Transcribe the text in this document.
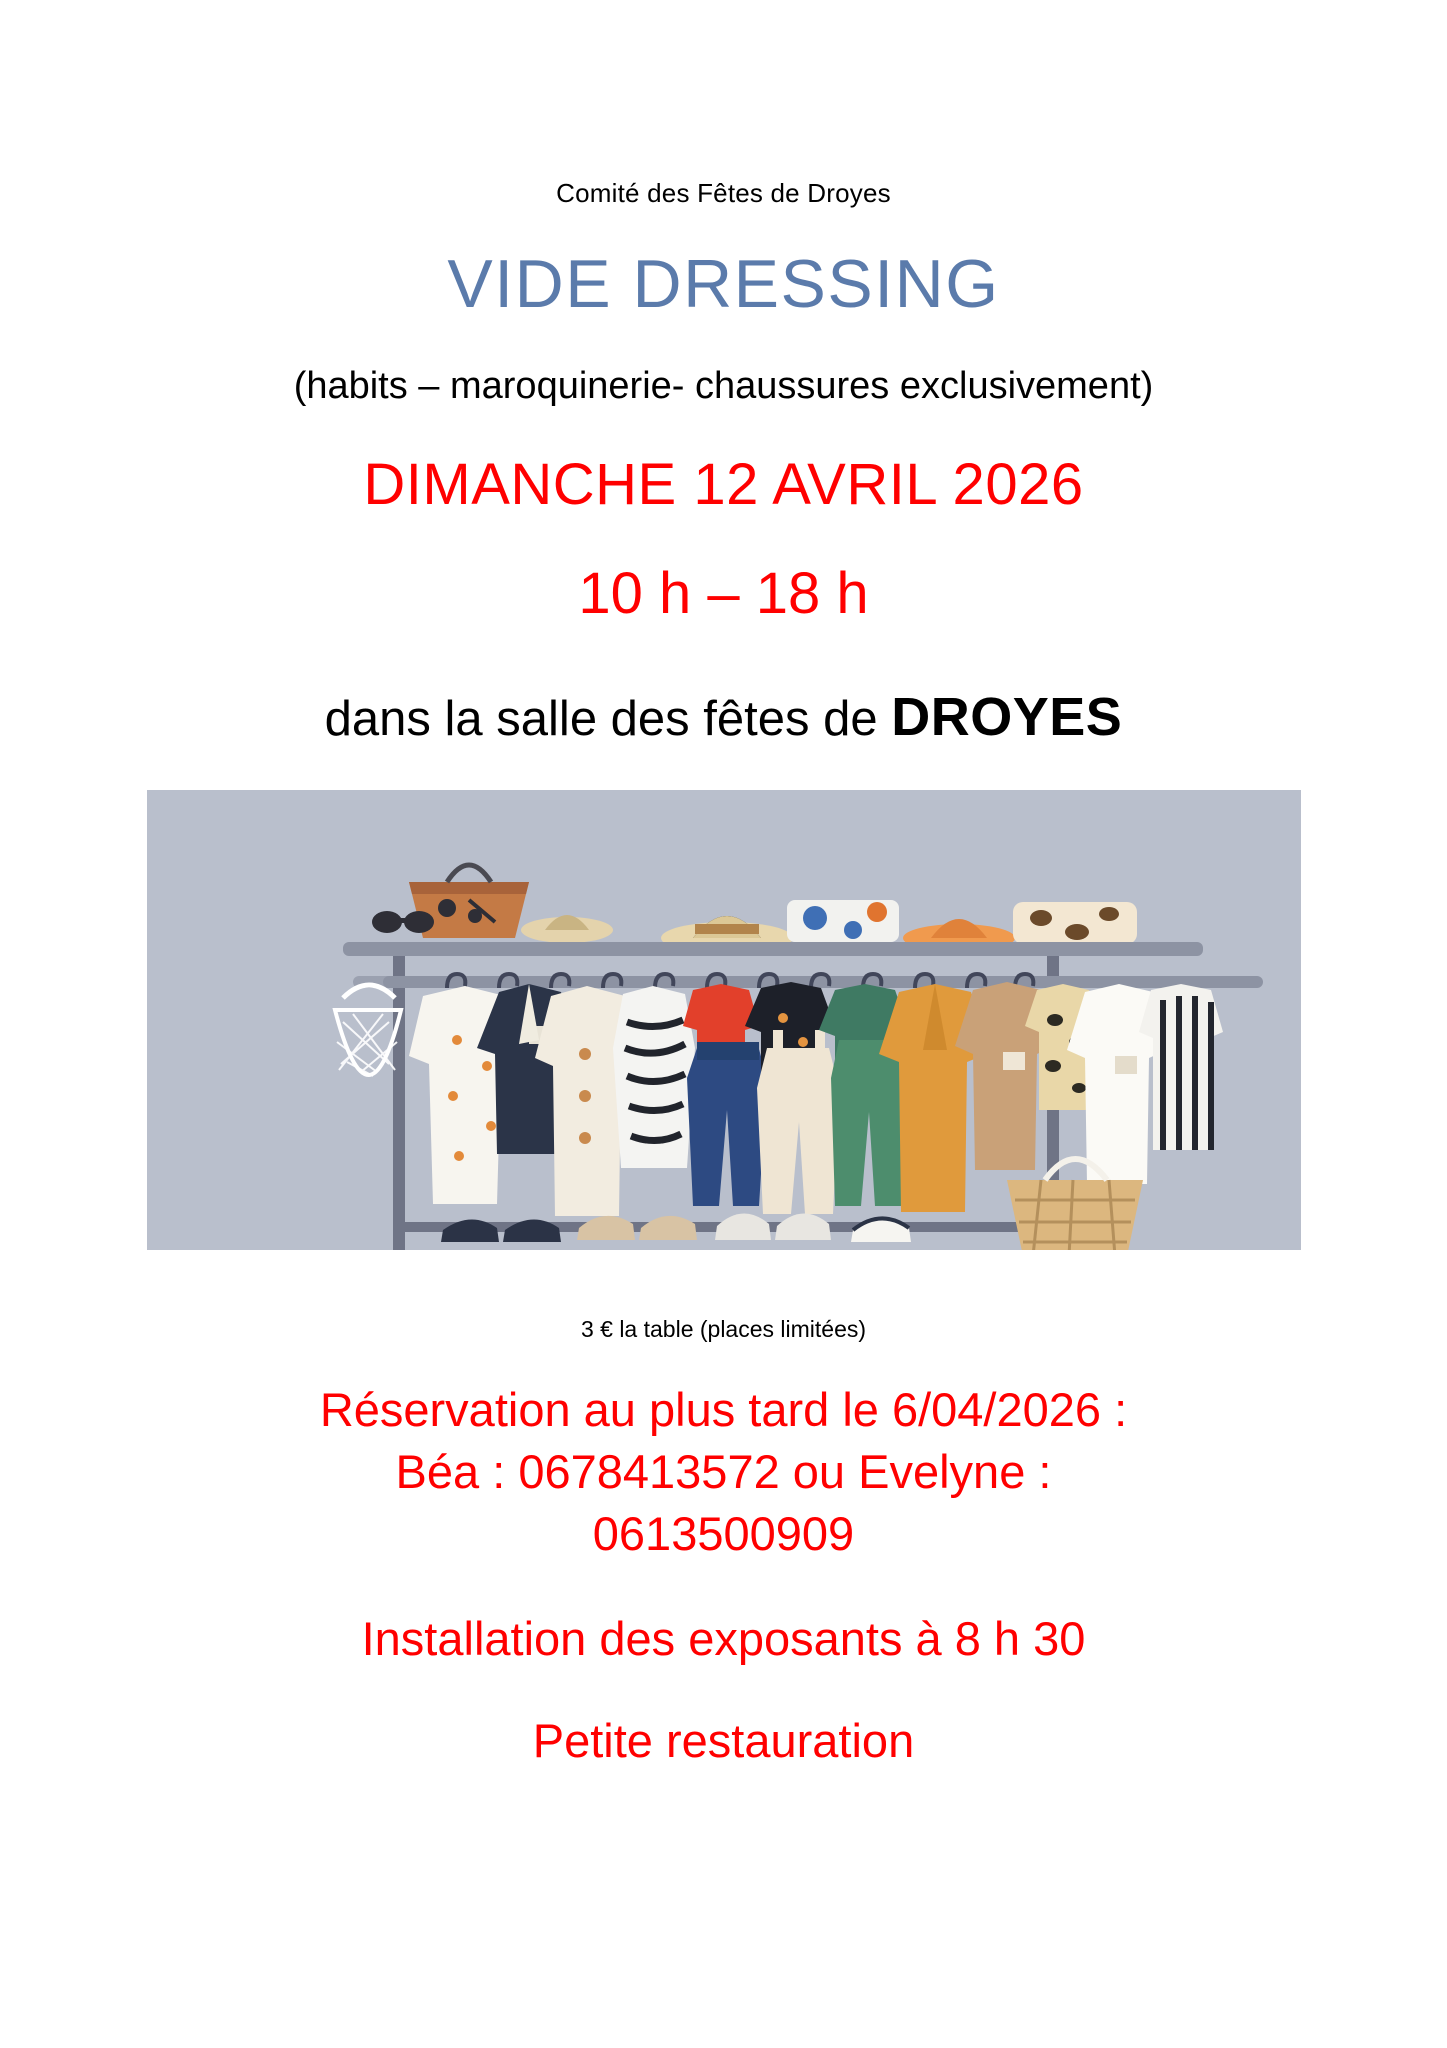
Comité des Fêtes de Droyes
VIDE DRESSING
(habits – maroquinerie- chaussures exclusivement)
DIMANCHE 12 AVRIL 2026
10 h – 18 h
dans la salle des fêtes de DROYES
3 € la table (places limitées)
Réservation au plus tard le 6/04/2026 :
Béa : 0678413572 ou Evelyne :
0613500909
Installation des exposants à 8 h 30
Petite restauration
